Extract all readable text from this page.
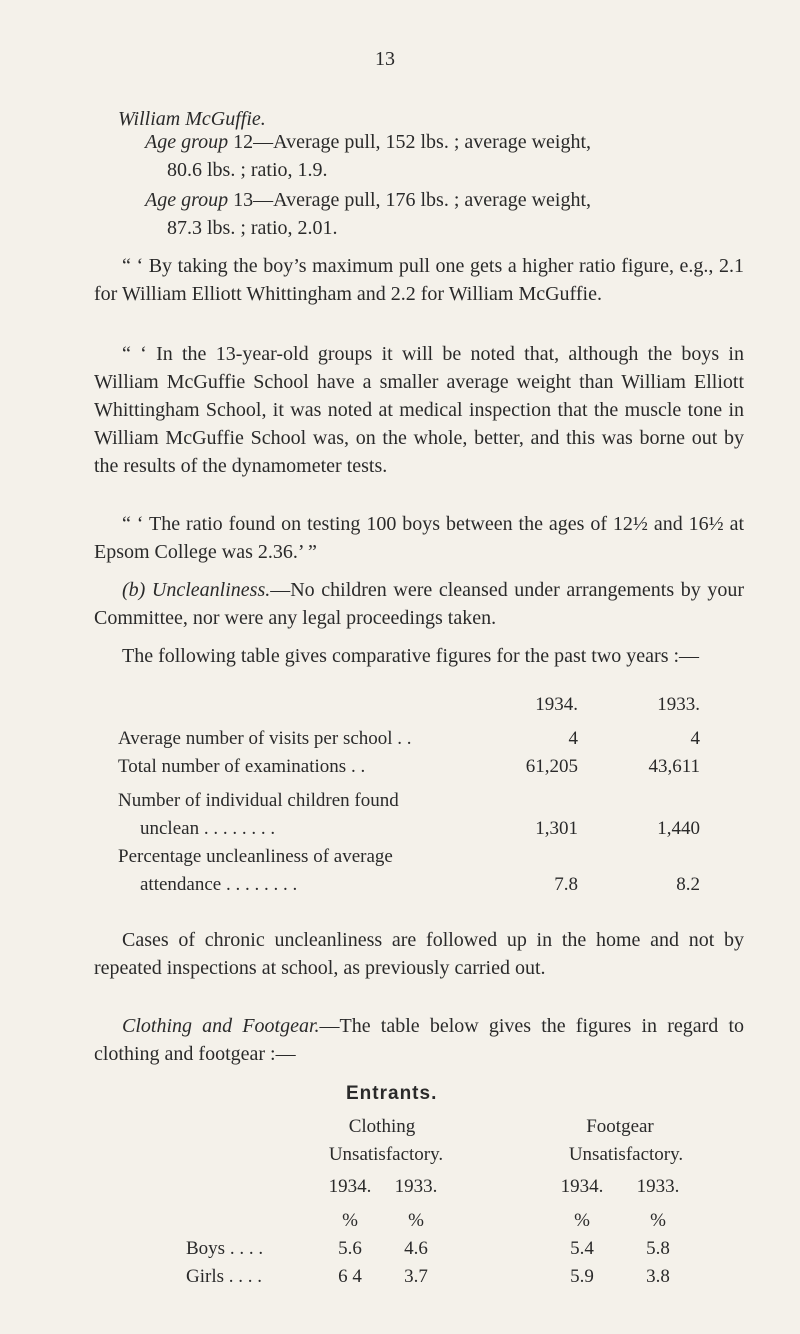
13
William McGuffie.
Age group 12—Average pull, 152 lbs. ; average weight,
80.6 lbs. ; ratio, 1.9.
Age group 13—Average pull, 176 lbs. ; average weight,
87.3 lbs. ; ratio, 2.01.
“ ‘ By taking the boy’s maximum pull one gets a higher ratio figure, e.g., 2.1 for William Elliott Whittingham and 2.2 for William McGuffie.
“ ‘ In the 13-year-old groups it will be noted that, although the boys in William McGuffie School have a smaller average weight than William Elliott Whittingham School, it was noted at medical inspection that the muscle tone in William McGuffie School was, on the whole, better, and this was borne out by the results of the dynamometer tests.
“ ‘ The ratio found on testing 100 boys between the ages of 12½ and 16½ at Epsom College was 2.36.’ ”
(b) Uncleanliness.—No children were cleansed under arrangements by your Committee, nor were any legal proceedings taken.
The following table gives comparative figures for the past two years :—
1934.	1933.
Average number of visits per school . .	4	4
Total number of examinations . .	61,205	43,611
Number of individual children found
unclean . . . . . . . .	1,301	1,440
Percentage uncleanliness of average
attendance . . . . . . . .	7.8	8.2
Cases of chronic uncleanliness are followed up in the home and not by repeated inspections at school, as previously carried out.
Clothing and Footgear.—The table below gives the figures in regard to clothing and footgear :—
Entrants.
Clothing
Unsatisfactory.
Footgear
Unsatisfactory.
1934.	1933.	1934.	1933.
%	%	%	%
Boys . . . .	5.6	4.6	5.4	5.8
Girls . . . .	6 4	3.7	5.9	3.8
